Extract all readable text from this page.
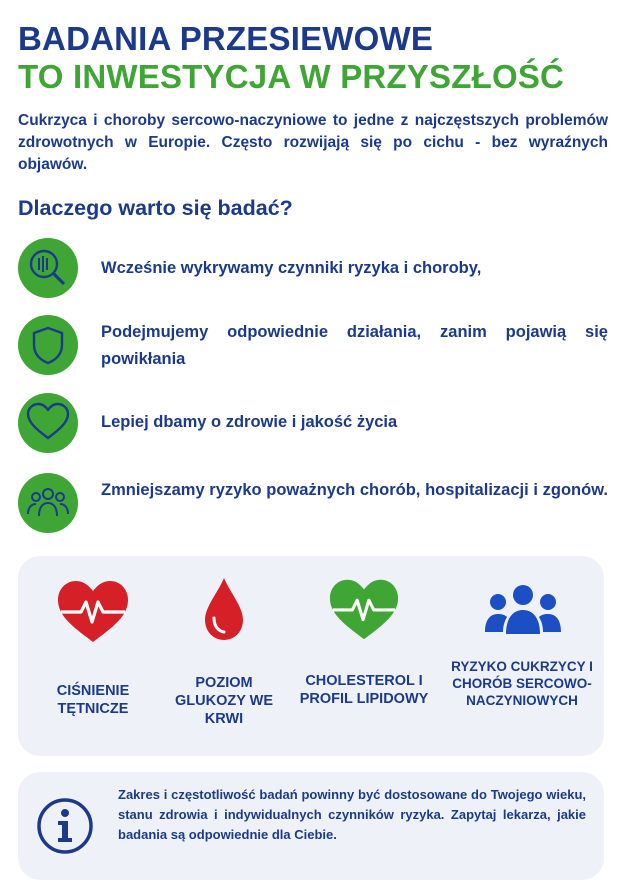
BADANIA PRZESIEWOWE
TO INWESTYCJA W PRZYSZŁOŚĆ
Cukrzyca i choroby sercowo-naczyniowe to jedne z najczęstszych problemów zdrowotnych w Europie. Często rozwijają się po cichu - bez wyraźnych objawów.
Dlaczego warto się badać?
Wcześnie wykrywamy czynniki ryzyka i choroby,
Podejmujemy odpowiednie działania, zanim pojawią się powikłania
Lepiej dbamy o zdrowie i jakość życia
Zmniejszamy ryzyko poważnych chorób, hospitalizacji i zgonów.
CIŚNIENIE TĘTNICZE
POZIOM GLUKOZY WE KRWI
CHOLESTEROL I PROFIL LIPIDOWY
RYZYKO CUKRZYCY I CHORÓB SERCOWO- NACZYNIOWYCH
Zakres i częstotliwość badań powinny być dostosowane do Twojego wieku, stanu zdrowia i indywidualnych czynników ryzyka. Zapytaj lekarza, jakie badania są odpowiednie dla Ciebie.
